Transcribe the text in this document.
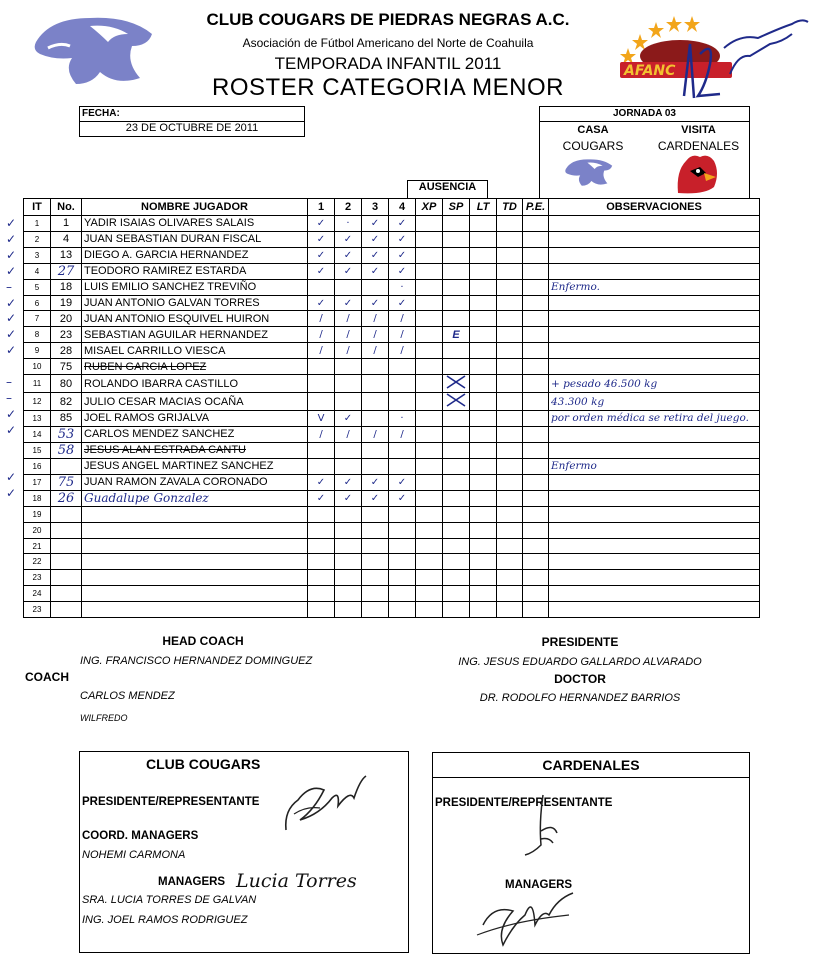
CLUB COUGARS DE PIEDRAS NEGRAS A.C.
Asociación de Fútbol Americano del Norte de Coahuila
TEMPORADA INFANTIL 2011
ROSTER CATEGORIA MENOR
AFANC
FECHA:
23 DE OCTUBRE DE 2011
JORNADA 03
CASA	VISITA
COUGARS	CARDENALES
AUSENCIA
IT	No.	NOMBRE JUGADOR	1	2	3	4	XP	SP	LT	TD	P.E.	OBSERVACIONES
1	1	YADIR ISAIAS OLIVARES SALAIS	✓	·	✓	✓						
2	4	JUAN SEBASTIAN DURAN FISCAL	✓	✓	✓	✓						
3	13	DIEGO A. GARCIA HERNANDEZ	✓	✓	✓	✓						
4	27	TEODORO RAMIREZ ESTARDA	✓	✓	✓	✓						
5	18	LUIS EMILIO SANCHEZ TREVIÑO				·						Enfermo.
6	19	JUAN ANTONIO GALVAN TORRES	✓	✓	✓	✓						
7	20	JUAN ANTONIO ESQUIVEL HUIRON	/	/	/	/						
8	23	SEBASTIAN AGUILAR HERNANDEZ	/	/	/	/		E				
9	28	MISAEL CARRILLO VIESCA	/	/	/	/						
10	75	RUBEN GARCIA LOPEZ										
11	80	ROLANDO IBARRA CASTILLO										+ pesado 46.500 kg
12	82	JULIO CESAR MACIAS OCAÑA										43.300 kg
13	85	JOEL RAMOS GRIJALVA	V	✓		·						por orden médica se retira del juego.
14	53	CARLOS MENDEZ SANCHEZ	/	/	/	/						
15	58	JESUS ALAN ESTRADA CANTU										
16		JESUS ANGEL MARTINEZ SANCHEZ										Enfermo
17	75	JUAN RAMON ZAVALA CORONADO	✓	✓	✓	✓						
18	26	Guadalupe Gonzalez	✓	✓	✓	✓						
19												
20												
21												
22												
23												
24												
23												
✓
✓
✓
✓
–
✓
✓
✓
✓
–
–
✓
✓
✓
✓
HEAD COACH
ING. FRANCISCO HERNANDEZ DOMINGUEZ
COACH
CARLOS MENDEZ
WILFREDO
PRESIDENTE
ING. JESUS EDUARDO GALLARDO ALVARADO
DOCTOR
DR. RODOLFO HERNANDEZ BARRIOS
CLUB COUGARS
PRESIDENTE/REPRESENTANTE
COORD. MANAGERS
NOHEMI CARMONA
MANAGERS Lucia Torres
SRA. LUCIA TORRES DE GALVAN
ING. JOEL RAMOS RODRIGUEZ
CARDENALES
PRESIDENTE/REPRESENTANTE
MANAGERS
